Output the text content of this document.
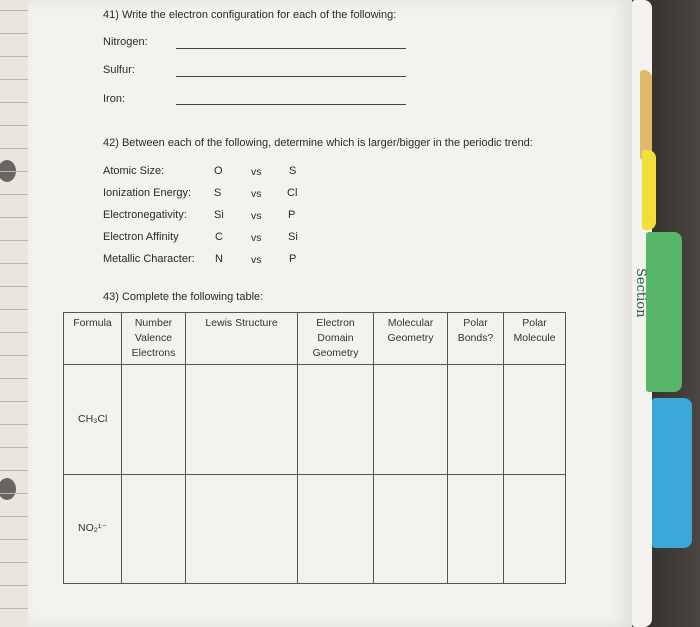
Section
41) Write the electron configuration for each of the following:
Nitrogen:
Sulfur:
Iron:
42) Between each of the following, determine which is larger/bigger in the periodic trend:
Atomic Size:	O	vs	S
Ionization Energy: S	vs Cl
Electronegativity: Si	vs P
Electron Affinity	C	vs Si
Metallic Character: N	vs	P
43) Complete the following table:
Formula	Number Valence Electrons	Lewis Structure	Electron Domain Geometry	Molecular Geometry	Polar Bonds?	Polar Molecule
CH₃Cl						
NO₂¹⁻						
